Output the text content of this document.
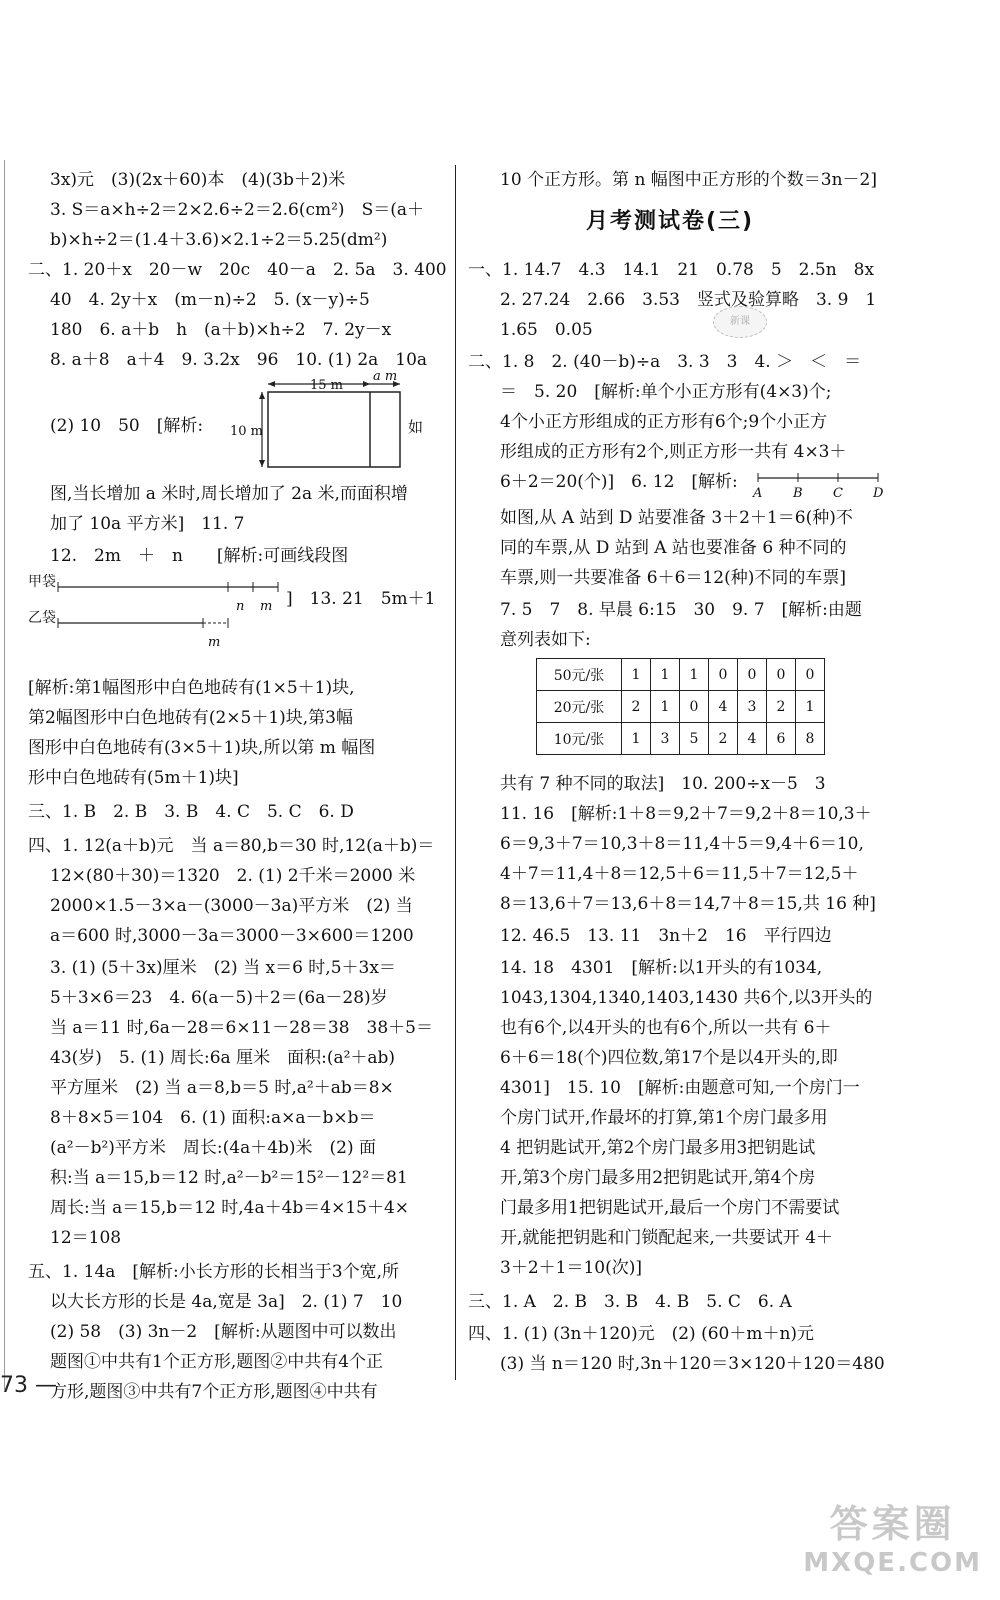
3x)元　(3)(2x＋60)本　(4)(3b＋2)米
3. S＝a×h÷2＝2×2.6÷2＝2.6(cm²)　S＝(a＋
b)×h÷2＝(1.4＋3.6)×2.1÷2＝5.25(dm²)
二、1. 20＋x　20－w　20c　40－a　2. 5a　3. 400
40　4. 2y＋x　(m－n)÷2　5. (x－y)÷5
180　6. a＋b　h　(a＋b)×h÷2　7. 2y－x
8. a＋8　a＋4　9. 3.2x　96　10. (1) 2a　10a
(2) 10　50　[解析:
15 m
a m
10 m	如
图,当长增加 a 米时,周长增加了 2a 米,而面积增
加了 10a 平方米]　11. 7
12.　2m　＋　n　　[解析:可画线段图
甲袋
n m
乙袋
m
]　13. 21　5m＋1
[解析:第1幅图形中白色地砖有(1×5＋1)块,
第2幅图形中白色地砖有(2×5＋1)块,第3幅
图形中白色地砖有(3×5＋1)块,所以第 m 幅图
形中白色地砖有(5m＋1)块]
三、1. B　2. B　3. B　4. C　5. C　6. D
四、1. 12(a＋b)元　当 a＝80,b＝30 时,12(a＋b)＝
12×(80＋30)＝1320　2. (1) 2千米＝2000 米
2000×1.5－3×a－(3000－3a)平方米　(2) 当
a＝600 时,3000－3a＝3000－3×600＝1200
3. (1) (5＋3x)厘米　(2) 当 x＝6 时,5＋3x＝
5＋3×6＝23　4. 6(a－5)＋2＝(6a－28)岁
当 a＝11 时,6a－28＝6×11－28＝38　38＋5＝
43(岁)　5. (1) 周长:6a 厘米　面积:(a²＋ab)
平方厘米　(2) 当 a＝8,b＝5 时,a²＋ab＝8×
8＋8×5＝104　6. (1) 面积:a×a－b×b＝
(a²－b²)平方米　周长:(4a＋4b)米　(2) 面
积:当 a＝15,b＝12 时,a²－b²＝15²－12²＝81
周长:当 a＝15,b＝12 时,4a＋4b＝4×15＋4×
12＝108
五、1. 14a　[解析:小长方形的长相当于3个宽,所
以大长方形的长是 4a,宽是 3a]　2. (1) 7　10
(2) 58　(3) 3n－2　[解析:从题图中可以数出
题图①中共有1个正方形,题图②中共有4个正
方形,题图③中共有7个正方形,题图④中共有
10 个正方形。第 n 幅图中正方形的个数＝3n－2]
月考测试卷(三)
一、1. 14.7　4.3　14.1　21　0.78　5　2.5n　8x
2. 27.24　2.66　3.53　竖式及验算略　3. 9　1
新课
1.65　0.05
二、1. 8　2. (40－b)÷a　3. 3　3　4. ＞　＜　＝
＝　5. 20　[解析:单个小正方形有(4×3)个;
4个小正方形组成的正方形有6个;9个小正方
形组成的正方形有2个,则正方形一共有 4×3＋
6＋2＝20(个)]　6. 12　[解析:
A B C D
如图,从 A 站到 D 站要准备 3＋2＋1＝6(种)不
同的车票,从 D 站到 A 站也要准备 6 种不同的
车票,则一共要准备 6＋6＝12(种)不同的车票]
7. 5　7　8. 早晨 6:15　30　9. 7　[解析:由题
意列表如下:
50元/张	1	1	1	0	0	0	0
20元/张	2	1	0	4	3	2	1
10元/张	1	3	5	2	4	6	8
共有 7 种不同的取法]　10. 200÷x－5　3
11. 16　[解析:1＋8＝9,2＋7＝9,2＋8＝10,3＋
6＝9,3＋7＝10,3＋8＝11,4＋5＝9,4＋6＝10,
4＋7＝11,4＋8＝12,5＋6＝11,5＋7＝12,5＋
8＝13,6＋7＝13,6＋8＝14,7＋8＝15,共 16 种]
12. 46.5　13. 11　3n＋2　16　平行四边
14. 18　4301　[解析:以1开头的有1034,
1043,1304,1340,1403,1430 共6个,以3开头的
也有6个,以4开头的也有6个,所以一共有 6＋
6＋6＝18(个)四位数,第17个是以4开头的,即
4301]　15. 10　[解析:由题意可知,一个房门一
个房门试开,作最坏的打算,第1个房门最多用
4 把钥匙试开,第2个房门最多用3把钥匙试
开,第3个房门最多用2把钥匙试开,第4个房
门最多用1把钥匙试开,最后一个房门不需要试
开,就能把钥匙和门锁配起来,一共要试开 4＋
3＋2＋1＝10(次)]
三、1. A　2. B　3. B　4. B　5. C　6. A
四、1. (1) (3n＋120)元　(2) (60＋m＋n)元
(3) 当 n＝120 时,3n＋120＝3×120＋120＝480
73 —
答案圈
MXQE.COM
